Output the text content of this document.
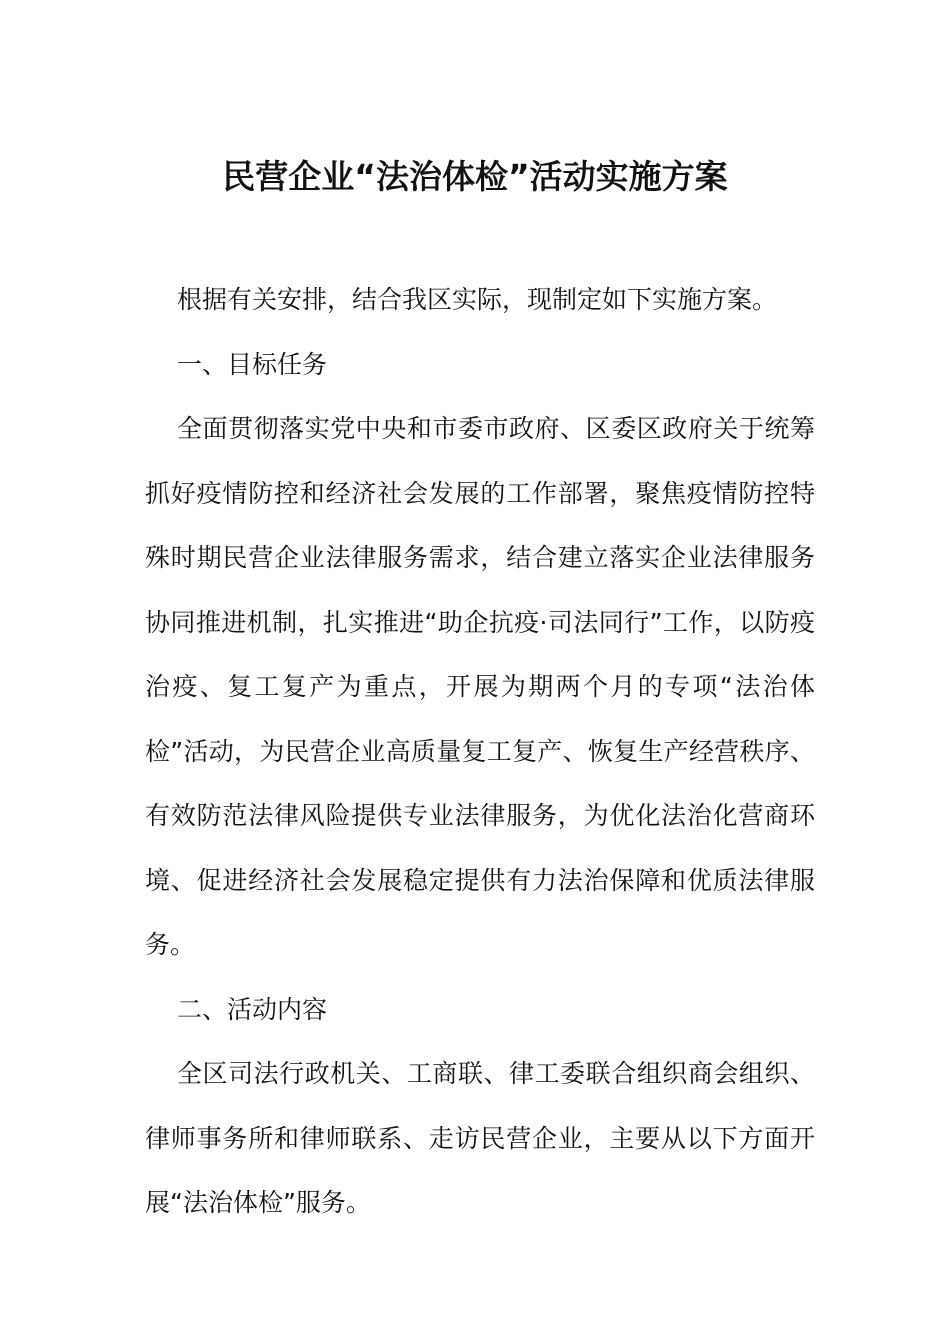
民营企业“法治体检”活动实施方案

根据有关安排，结合我区实际，现制定如下实施方案。

一、目标任务

全面贯彻落实党中央和市委市政府、区委区政府关于统筹抓好疫情防控和经济社会发展的工作部署，聚焦疫情防控特殊时期民营企业法律服务需求，结合建立落实企业法律服务协同推进机制，扎实推进“助企抗疫·司法同行”工作，以防疫治疫、复工复产为重点，开展为期两个月的专项“法治体检”活动，为民营企业高质量复工复产、恢复生产经营秩序、有效防范法律风险提供专业法律服务，为优化法治化营商环境、促进经济社会发展稳定提供有力法治保障和优质法律服务。

二、活动内容

全区司法行政机关、工商联、律工委联合组织商会组织、律师事务所和律师联系、走访民营企业，主要从以下方面开展“法治体检”服务。
